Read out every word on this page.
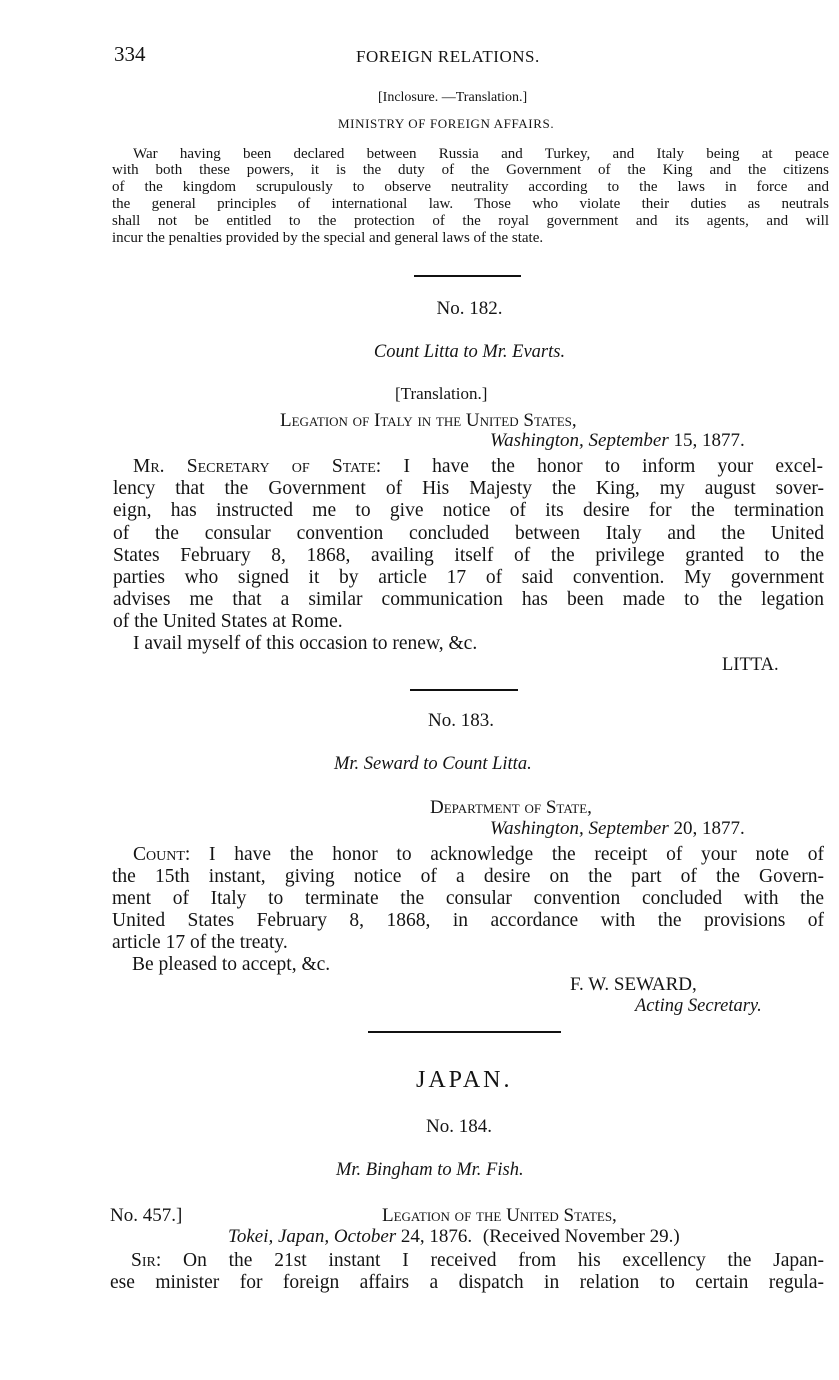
334	FOREIGN RELATIONS.
[Inclosure. —Translation.]
MINISTRY OF FOREIGN AFFAIRS.
War having been declared between Russia and Turkey, and Italy being at peace
with both these powers, it is the duty of the Government of the King and the citizens
of the kingdom scrupulously to observe neutrality according to the laws in force and
the general principles of international law. Those who violate their duties as neutrals
shall not be entitled to the protection of the royal government and its agents, and will
incur the penalties provided by the special and general laws of the state.
No. 182.
Count Litta to Mr. Evarts.
[Translation.]
Legation of Italy in the United States,
Washington, September 15, 1877.
Mr. Secretary of State: I have the honor to inform your excel-
lency that the Government of His Majesty the King, my august sover-
eign, has instructed me to give notice of its desire for the termination
of the consular convention concluded between Italy and the United
States February 8, 1868, availing itself of the privilege granted to the
parties who signed it by article 17 of said convention. My government
advises me that a similar communication has been made to the legation
of the United States at Rome.
I avail myself of this occasion to renew, &c.
LITTA.
No. 183.
Mr. Seward to Count Litta.
Department of State,
Washington, September 20, 1877.
Count: I have the honor to acknowledge the receipt of your note of
the 15th instant, giving notice of a desire on the part of the Govern-
ment of Italy to terminate the consular convention concluded with the
United States February 8, 1868, in accordance with the provisions of
article 17 of the treaty.
Be pleased to accept, &c.
F. W. SEWARD,
Acting Secretary.
JAPAN.
No. 184.
Mr. Bingham to Mr. Fish.
No. 457.]	Legation of the United States,
Tokei, Japan, October 24, 1876. (Received November 29.)
Sir: On the 21st instant I received from his excellency the Japan-
ese minister for foreign affairs a dispatch in relation to certain regula-
